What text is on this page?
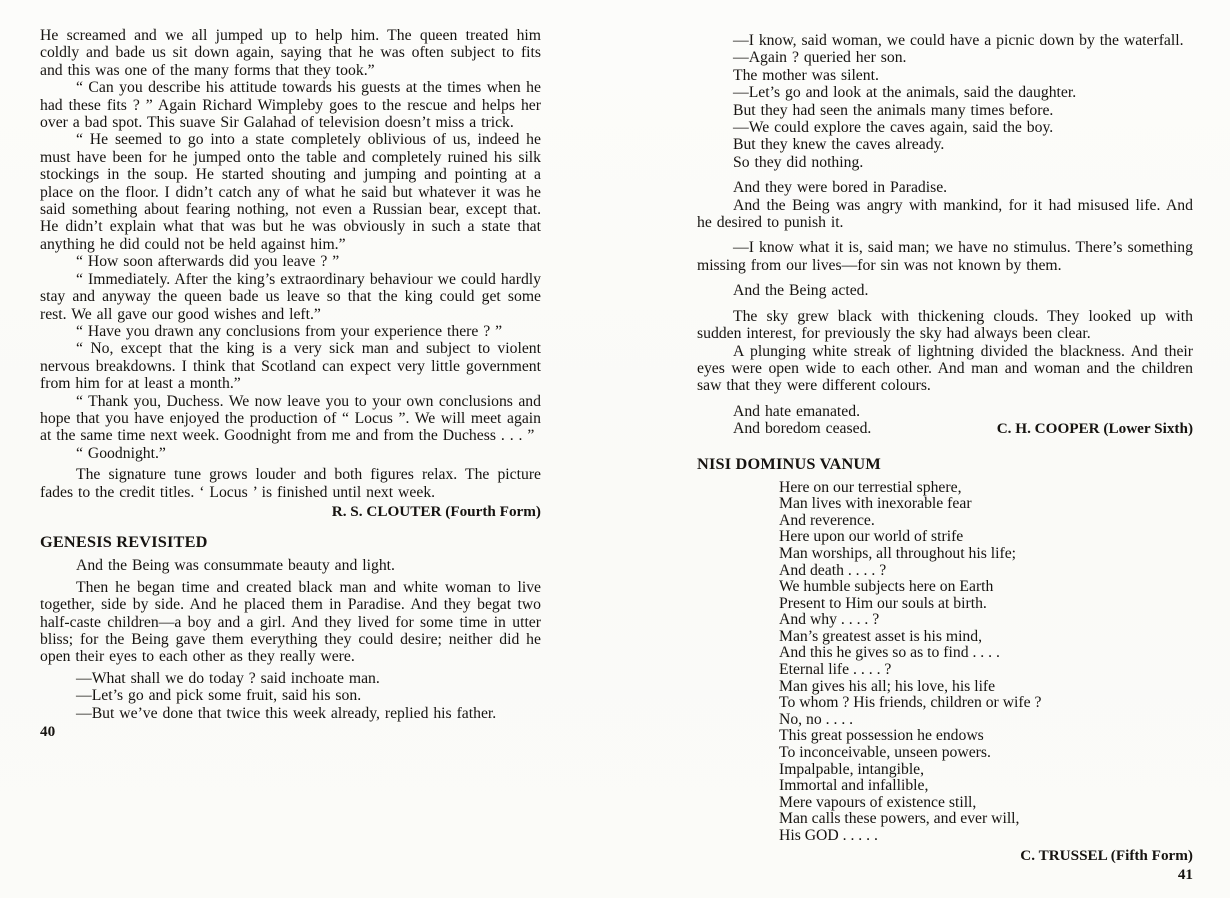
He screamed and we all jumped up to help him. The queen treated him coldly and bade us sit down again, saying that he was often subject to fits and this was one of the many forms that they took.”

“ Can you describe his attitude towards his guests at the times when he had these fits ? ” Again Richard Wimpleby goes to the rescue and helps her over a bad spot. This suave Sir Galahad of television doesn’t miss a trick.

“ He seemed to go into a state completely oblivious of us, indeed he must have been for he jumped onto the table and completely ruined his silk stockings in the soup. He started shouting and jumping and pointing at a place on the floor. I didn’t catch any of what he said but whatever it was he said something about fearing nothing, not even a Russian bear, except that. He didn’t explain what that was but he was obviously in such a state that anything he did could not be held against him.”

“ How soon afterwards did you leave ? ”

“ Immediately. After the king’s extraordinary behaviour we could hardly stay and anyway the queen bade us leave so that the king could get some rest. We all gave our good wishes and left.”

“ Have you drawn any conclusions from your experience there ? ”

“ No, except that the king is a very sick man and subject to violent nervous breakdowns. I think that Scotland can expect very little government from him for at least a month.”

“ Thank you, Duchess. We now leave you to your own conclusions and hope that you have enjoyed the production of “ Locus ”. We will meet again at the same time next week. Goodnight from me and from the Duchess . . . ”

“ Goodnight.”

The signature tune grows louder and both figures relax. The picture fades to the credit titles. ‘ Locus ’ is finished until next week.

R. S. CLOUTER (Fourth Form)

GENESIS REVISITED

And the Being was consummate beauty and light.

Then he began time and created black man and white woman to live together, side by side. And he placed them in Paradise. And they begat two half-caste children—a boy and a girl. And they lived for some time in utter bliss; for the Being gave them everything they could desire; neither did he open their eyes to each other as they really were.

—What shall we do today ? said inchoate man.

—Let’s go and pick some fruit, said his son.

—But we’ve done that twice this week already, replied his father.

40

—I know, said woman, we could have a picnic down by the waterfall.

—Again ? queried her son.

The mother was silent.

—Let’s go and look at the animals, said the daughter.

But they had seen the animals many times before.

—We could explore the caves again, said the boy.

But they knew the caves already.

So they did nothing.

And they were bored in Paradise.

And the Being was angry with mankind, for it had misused life. And he desired to punish it.

—I know what it is, said man; we have no stimulus. There’s something missing from our lives—for sin was not known by them.

And the Being acted.

The sky grew black with thickening clouds. They looked up with sudden interest, for previously the sky had always been clear.

A plunging white streak of lightning divided the blackness. And their eyes were open wide to each other. And man and woman and the children saw that they were different colours.

And hate emanated.

And boredom ceased.	C. H. COOPER (Lower Sixth)

NISI DOMINUS VANUM

Here on our terrestial sphere,

Man lives with inexorable fear

And reverence.

Here upon our world of strife

Man worships, all throughout his life;

And death . . . . ?

We humble subjects here on Earth

Present to Him our souls at birth.

And why . . . . ?

Man’s greatest asset is his mind,

And this he gives so as to find . . . .

Eternal life . . . . ?

Man gives his all; his love, his life

To whom ? His friends, children or wife ?

No, no . . . .

This great possession he endows

To inconceivable, unseen powers.

Impalpable, intangible,

Immortal and infallible,

Mere vapours of existence still,

Man calls these powers, and ever will,

His GOD . . . . .

C. TRUSSEL (Fifth Form)

41
